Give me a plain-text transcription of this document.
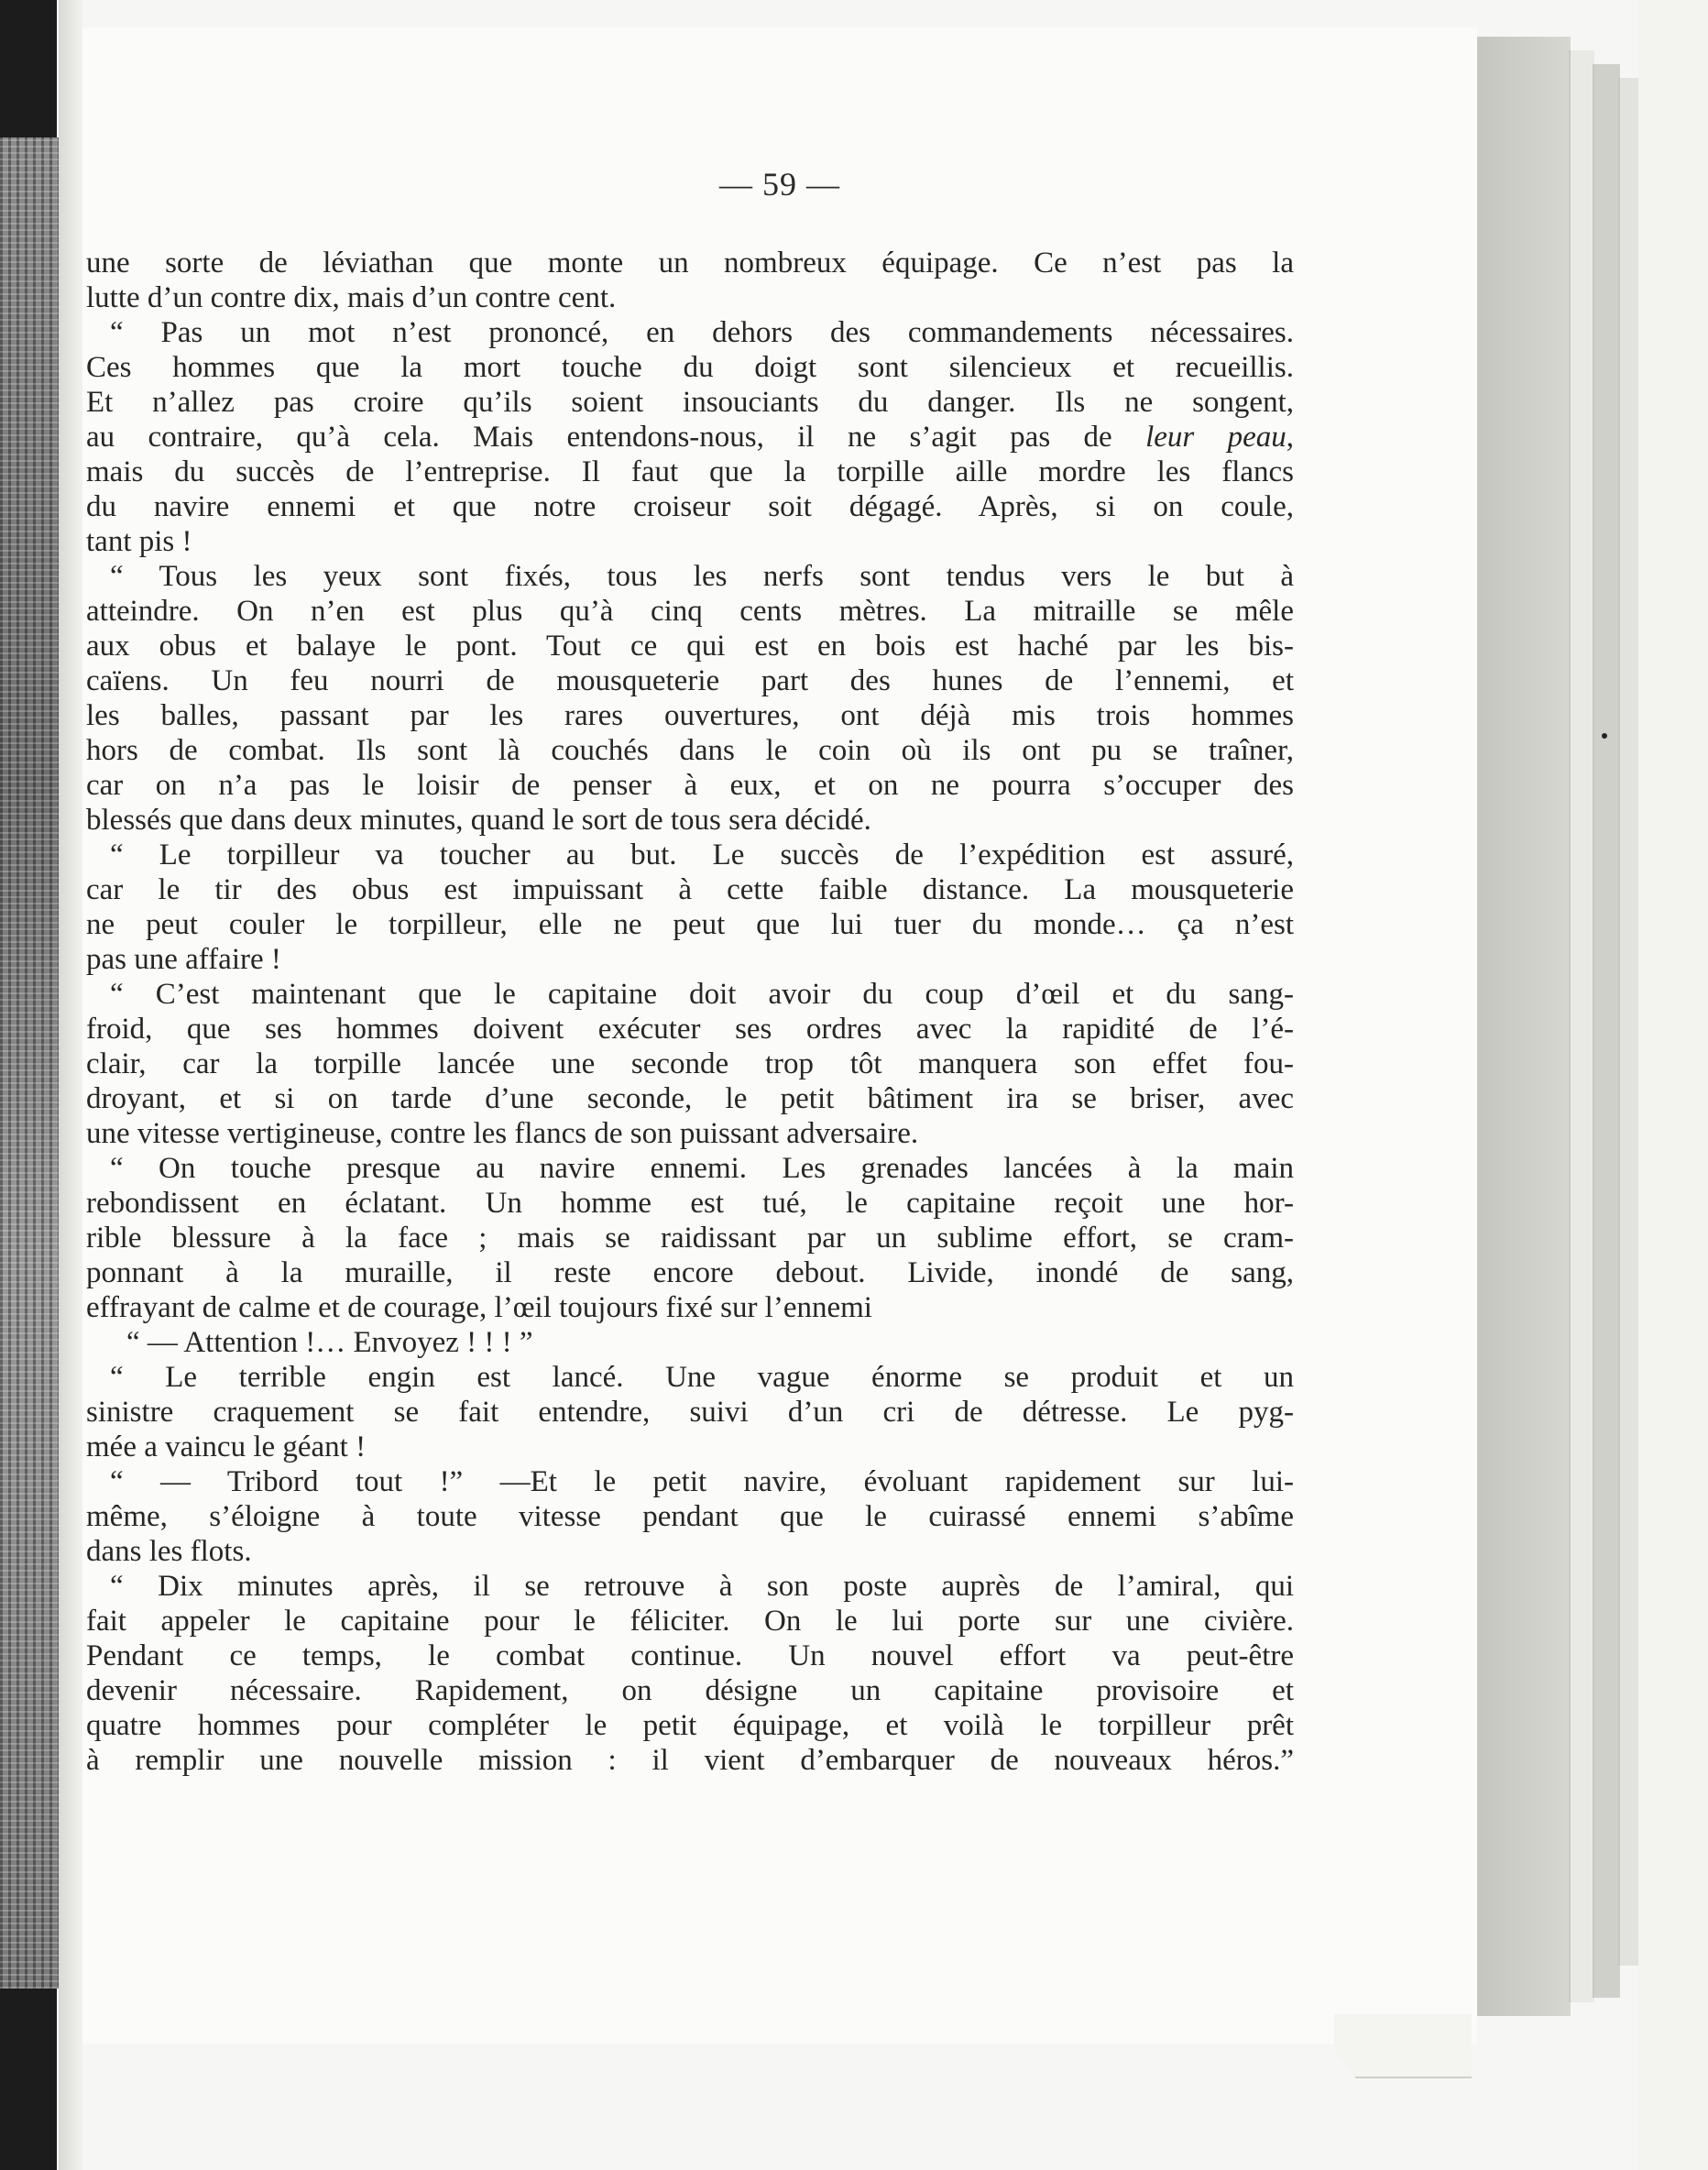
— 59 —
une sorte de léviathan que monte un nombreux équipage. Ce n’est pas la
lutte d’un contre dix, mais d’un contre cent.
“ Pas un mot n’est prononcé, en dehors des commandements nécessaires.
Ces hommes que la mort touche du doigt sont silencieux et recueillis.
Et n’allez pas croire qu’ils soient insouciants du danger. Ils ne songent,
au contraire, qu’à cela. Mais entendons-nous, il ne s’agit pas de leur peau,
mais du succès de l’entreprise. Il faut que la torpille aille mordre les flancs
du navire ennemi et que notre croiseur soit dégagé. Après, si on coule,
tant pis !
“ Tous les yeux sont fixés, tous les nerfs sont tendus vers le but à
atteindre. On n’en est plus qu’à cinq cents mètres. La mitraille se mêle
aux obus et balaye le pont. Tout ce qui est en bois est haché par les bis-
caïens. Un feu nourri de mousqueterie part des hunes de l’ennemi, et
les balles, passant par les rares ouvertures, ont déjà mis trois hommes
hors de combat. Ils sont là couchés dans le coin où ils ont pu se traîner,
car on n’a pas le loisir de penser à eux, et on ne pourra s’occuper des
blessés que dans deux minutes, quand le sort de tous sera décidé.
“ Le torpilleur va toucher au but. Le succès de l’expédition est assuré,
car le tir des obus est impuissant à cette faible distance. La mousqueterie
ne peut couler le torpilleur, elle ne peut que lui tuer du monde… ça n’est
pas une affaire !
“ C’est maintenant que le capitaine doit avoir du coup d’œil et du sang-
froid, que ses hommes doivent exécuter ses ordres avec la rapidité de l’é-
clair, car la torpille lancée une seconde trop tôt manquera son effet fou-
droyant, et si on tarde d’une seconde, le petit bâtiment ira se briser, avec
une vitesse vertigineuse, contre les flancs de son puissant adversaire.
“ On touche presque au navire ennemi. Les grenades lancées à la main
rebondissent en éclatant. Un homme est tué, le capitaine reçoit une hor-
rible blessure à la face ; mais se raidissant par un sublime effort, se cram-
ponnant à la muraille, il reste encore debout. Livide, inondé de sang,
effrayant de calme et de courage, l’œil toujours fixé sur l’ennemi
“ — Attention !… Envoyez ! ! ! ”
“ Le terrible engin est lancé. Une vague énorme se produit et un
sinistre craquement se fait entendre, suivi d’un cri de détresse. Le pyg-
mée a vaincu le géant !
“ — Tribord tout !” —Et le petit navire, évoluant rapidement sur lui-
même, s’éloigne à toute vitesse pendant que le cuirassé ennemi s’abîme
dans les flots.
“ Dix minutes après, il se retrouve à son poste auprès de l’amiral, qui
fait appeler le capitaine pour le féliciter. On le lui porte sur une civière.
Pendant ce temps, le combat continue. Un nouvel effort va peut-être
devenir nécessaire. Rapidement, on désigne un capitaine provisoire et
quatre hommes pour compléter le petit équipage, et voilà le torpilleur prêt
à remplir une nouvelle mission : il vient d’embarquer de nouveaux héros.”
